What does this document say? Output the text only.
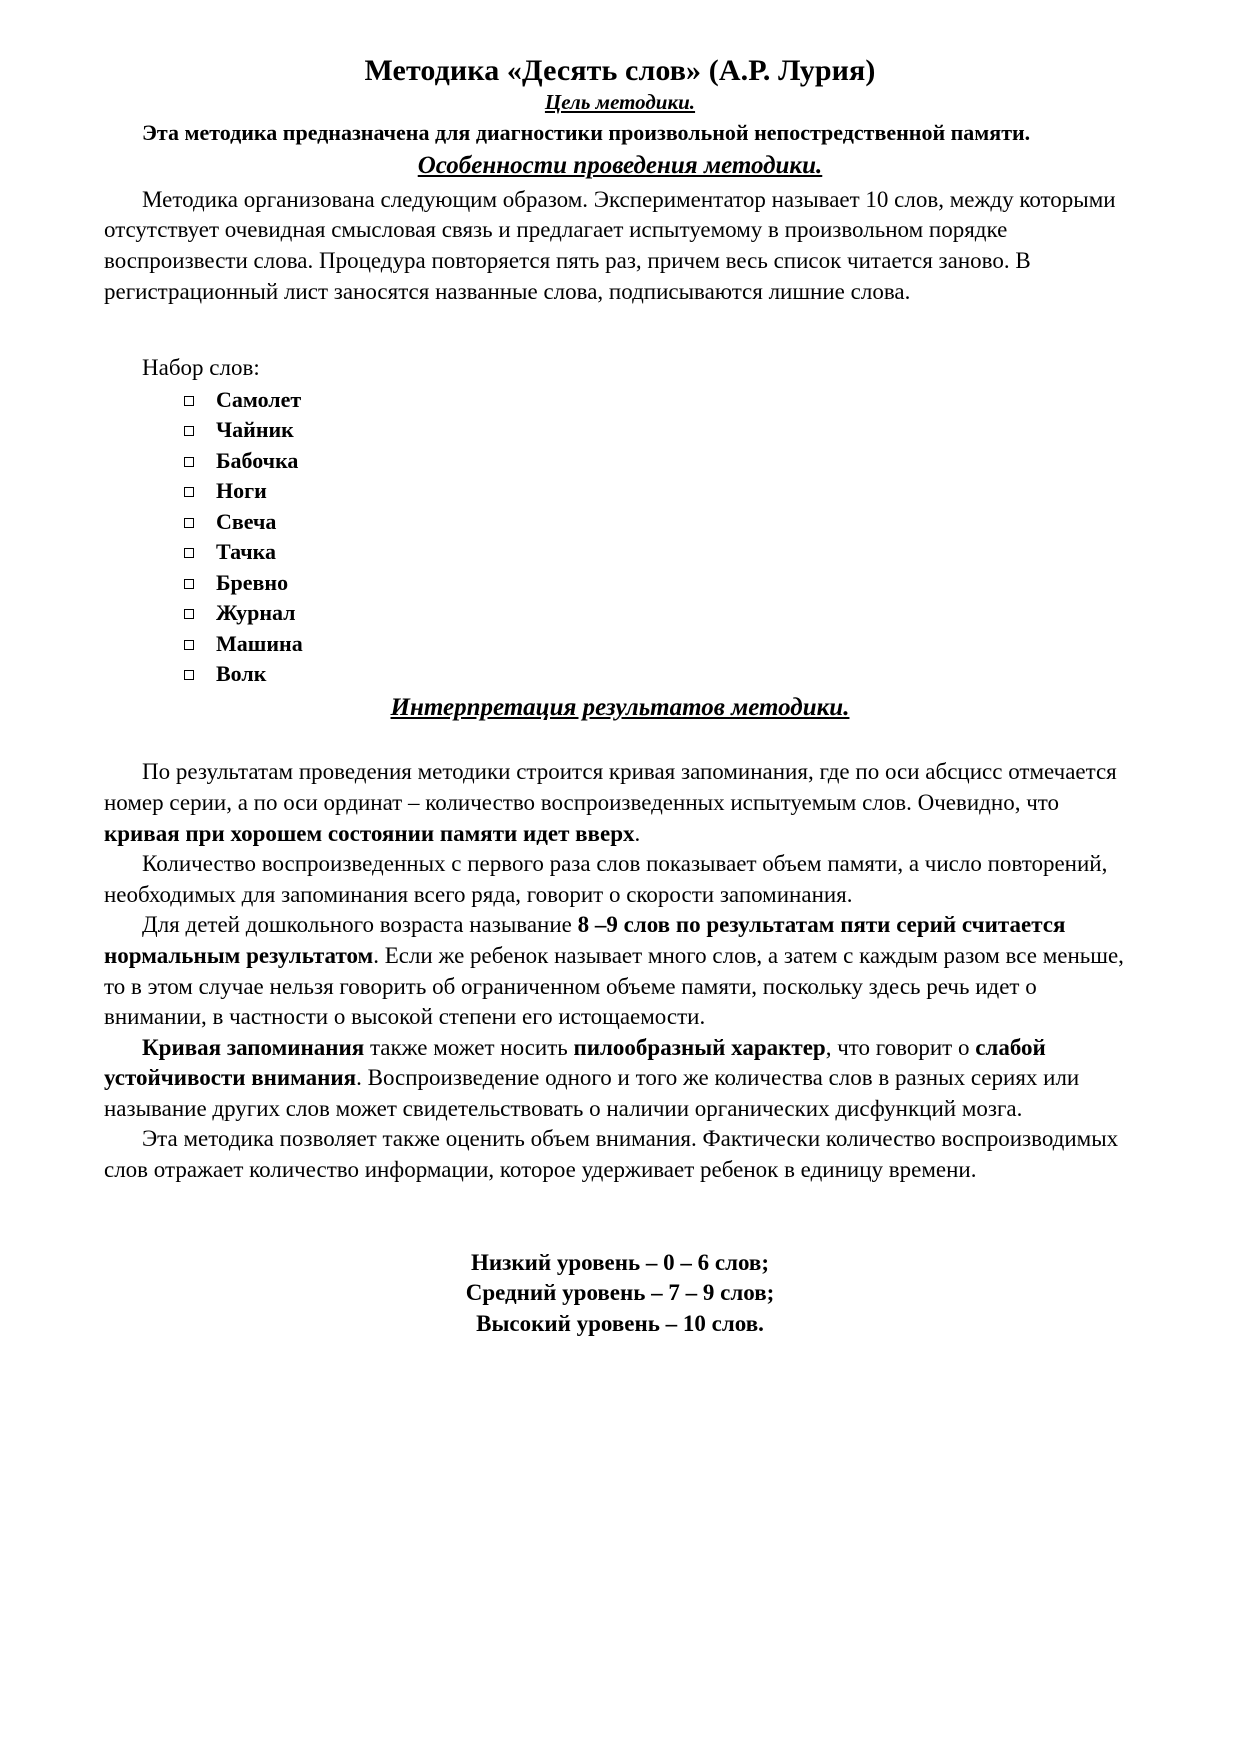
Методика «Десять слов» (А.Р. Лурия)
Цель методики.
Эта методика предназначена для диагностики произвольной непостредственной памяти.
Особенности проведения методики.

Методика организована следующим образом. Экспериментатор называет 10 слов, между которыми отсутствует очевидная смысловая связь и предлагает испытуемому в произвольном порядке воспроизвести слова. Процедура повторяется пять раз, причем весь список читается заново. В регистрационный лист заносятся названные слова, подписываются лишние слова.

Набор слов:
Самолет
Чайник
Бабочка
Ноги
Свеча
Тачка
Бревно
Журнал
Машина
Волк
Интерпретация результатов методики.

По результатам проведения методики строится кривая запоминания, где по оси абсцисс отмечается номер серии, а по оси ординат – количество воспроизведенных испытуемым слов. Очевидно, что кривая при хорошем состоянии памяти идет вверх.

Количество воспроизведенных с первого раза слов показывает объем памяти, а число повторений, необходимых для запоминания всего ряда, говорит о скорости запоминания.

Для детей дошкольного возраста называние 8 –9 слов по результатам пяти серий считается нормальным результатом. Если же ребенок называет много слов, а затем с каждым разом все меньше, то в этом случае нельзя говорить об ограниченном объеме памяти, поскольку здесь речь идет о внимании, в частности о высокой степени его истощаемости.

Кривая запоминания также может носить пилообразный характер, что говорит о слабой устойчивости внимания. Воспроизведение одного и того же количества слов в разных сериях или называние других слов может свидетельствовать о наличии органических дисфункций мозга.

Эта методика позволяет также оценить объем внимания. Фактически количество воспроизводимых слов отражает количество информации, которое удерживает ребенок в единицу времени.

Низкий уровень – 0 – 6 слов;
Средний уровень – 7 – 9 слов;
Высокий уровень – 10 слов.
